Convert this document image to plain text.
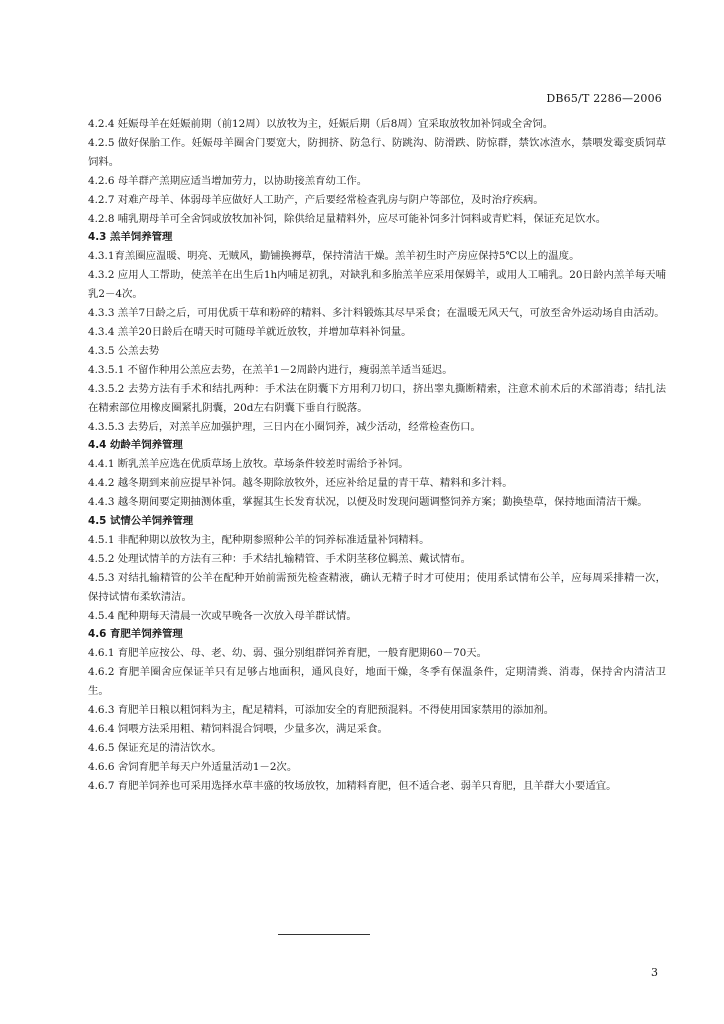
DB65/T 2286—2006

4.2.4 妊娠母羊在妊娠前期（前12周）以放牧为主，妊娠后期（后8周）宜采取放牧加补饲或全舍饲。

4.2.5 做好保胎工作。妊娠母羊圈舍门要宽大，防拥挤、防急行、防跳沟、防滑跌、防惊群，禁饮冰渣水，禁喂发霉变质饲草饲料。

4.2.6 母羊群产羔期应适当增加劳力，以协助接羔育幼工作。

4.2.7 对难产母羊、体弱母羊应做好人工助产，产后要经常检查乳房与阴户等部位，及时治疗疾病。

4.2.8 哺乳期母羊可全舍饲或放牧加补饲，除供给足量精料外，应尽可能补饲多汁饲料或青贮料，保证充足饮水。

4.3 羔羊饲养管理

4.3.1育羔圈应温暖、明亮、无贼风，勤铺换褥草，保持清洁干燥。羔羊初生时产房应保持5℃以上的温度。

4.3.2 应用人工帮助，使羔羊在出生后1h内哺足初乳，对缺乳和多胎羔羊应采用保姆羊，或用人工哺乳。20日龄内羔羊每天哺乳2－4次。

4.3.3 羔羊7日龄之后，可用优质干草和粉碎的精料、多汁料锻炼其尽早采食；在温暖无风天气，可放至舍外运动场自由活动。

4.3.4 羔羊20日龄后在晴天时可随母羊就近放牧，并增加草料补饲量。

4.3.5 公羔去势

4.3.5.1 不留作种用公羔应去势，在羔羊1－2周龄内进行，瘦弱羔羊适当延迟。

4.3.5.2 去势方法有手术和结扎两种：手术法在阴囊下方用利刀切口，挤出睾丸撕断精索，注意术前术后的术部消毒；结扎法在精索部位用橡皮圈紧扎阴囊，20d左右阴囊下垂自行脱落。

4.3.5.3 去势后，对羔羊应加强护理，三日内在小圈饲养，减少活动，经常检查伤口。

4.4 幼龄羊饲养管理

4.4.1 断乳羔羊应选在优质草场上放牧。草场条件较差时需给予补饲。

4.4.2 越冬期到来前应提早补饲。越冬期除放牧外，还应补给足量的青干草、精料和多汁料。

4.4.3 越冬期间要定期抽测体重，掌握其生长发育状况，以便及时发现问题调整饲养方案；勤换垫草，保持地面清洁干燥。

4.5 试情公羊饲养管理

4.5.1 非配种期以放牧为主，配种期参照种公羊的饲养标准适量补饲精料。

4.5.2 处理试情羊的方法有三种：手术结扎输精管、手术阴茎移位羁羔、戴试情布。

4.5.3 对结扎输精管的公羊在配种开始前需预先检查精液，确认无精子时才可使用；使用系试情布公羊，应每周采排精一次，保持试情布柔软清洁。

4.5.4 配种期每天清晨一次或早晚各一次放入母羊群试情。

4.6 育肥羊饲养管理

4.6.1 育肥羊应按公、母、老、幼、弱、强分别组群饲养育肥，一般育肥期60－70天。

4.6.2 育肥羊圈舍应保证羊只有足够占地面积，通风良好，地面干燥，冬季有保温条件，定期清粪、消毒，保持舍内清洁卫生。

4.6.3 育肥羊日粮以粗饲料为主，配足精料，可添加安全的育肥预混料。不得使用国家禁用的添加剂。

4.6.4 饲喂方法采用粗、精饲料混合饲喂，少量多次，满足采食。

4.6.5 保证充足的清洁饮水。

4.6.6 舍饲育肥羊每天户外适量活动1－2次。

4.6.7 育肥羊饲养也可采用选择水草丰盛的牧场放牧，加精料育肥，但不适合老、弱羊只育肥，且羊群大小要适宜。

3
